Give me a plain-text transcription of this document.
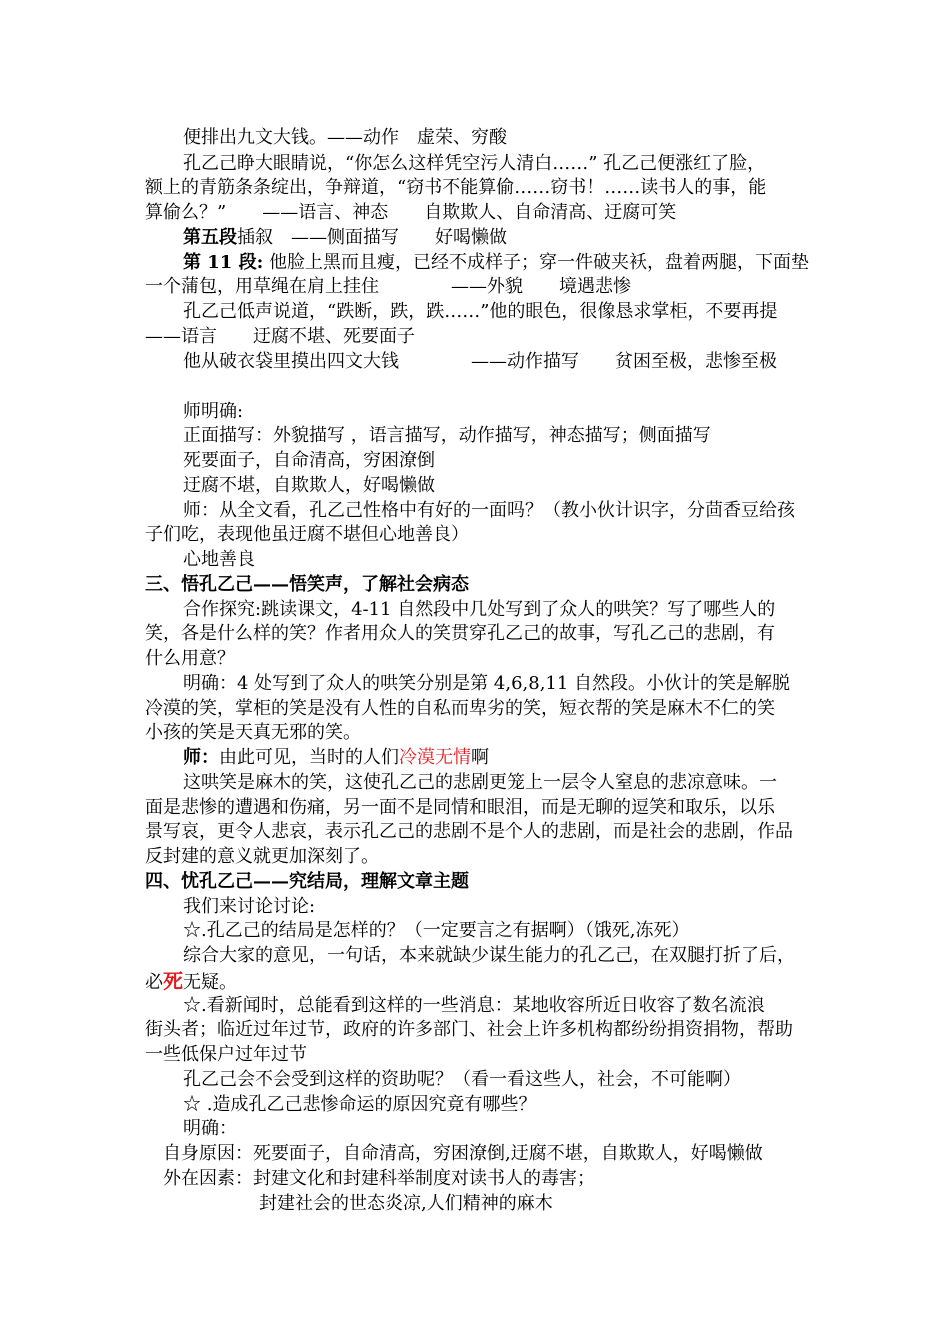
便排出九文大钱。——动作　虚荣、穷酸
孔乙己睁大眼睛说，“你怎么这样凭空污人清白……” 孔乙己便涨红了脸，
额上的青筋条条绽出，争辩道，“窃书不能算偷……窃书！……读书人的事，能
算偷么？”　　——语言、神态　　自欺欺人、自命清高、迂腐可笑
第五段插叙　——侧面描写　　好喝懒做
第 11 段: 他脸上黑而且瘦，已经不成样子；穿一件破夹袄，盘着两腿，下面垫
一个蒲包，用草绳在肩上挂住　　　　——外貌　　境遇悲惨
孔乙己低声说道，“跌断，跌，跌……”他的眼色，很像恳求掌柜，不要再提
——语言　　迂腐不堪、死要面子
他从破衣袋里摸出四文大钱　　　　——动作描写　　贫困至极，悲惨至极
师明确:
正面描写：外貌描写 ，语言描写，动作描写，神态描写；侧面描写
死要面子，自命清高，穷困潦倒
迂腐不堪，自欺欺人，好喝懒做
师：从全文看，孔乙己性格中有好的一面吗？（教小伙计识字，分茴香豆给孩
子们吃，表现他虽迂腐不堪但心地善良）
心地善良
三、悟孔乙己——悟笑声，了解社会病态
合作探究:跳读课文，4-11 自然段中几处写到了众人的哄笑？写了哪些人的
笑，各是什么样的笑？作者用众人的笑贯穿孔乙己的故事，写孔乙己的悲剧，有
什么用意？
明确：4 处写到了众人的哄笑分别是第 4,6,8,11 自然段。小伙计的笑是解脱
冷漠的笑，掌柜的笑是没有人性的自私而卑劣的笑，短衣帮的笑是麻木不仁的笑
小孩的笑是天真无邪的笑。
师：由此可见，当时的人们冷漠无情啊
这哄笑是麻木的笑，这使孔乙己的悲剧更笼上一层令人窒息的悲凉意味。一
面是悲惨的遭遇和伤痛，另一面不是同情和眼泪，而是无聊的逗笑和取乐，以乐
景写哀，更令人悲哀，表示孔乙己的悲剧不是个人的悲剧，而是社会的悲剧，作品
反封建的意义就更加深刻了。
四、忧孔乙己——究结局，理解文章主题
我们来讨论讨论:
☆.孔乙己的结局是怎样的？（一定要言之有据啊）（饿死,冻死）
综合大家的意见，一句话，本来就缺少谋生能力的孔乙己，在双腿打折了后，
必死无疑。
☆.看新闻时，总能看到这样的一些消息：某地收容所近日收容了数名流浪
街头者；临近过年过节，政府的许多部门、社会上许多机构都纷纷捐资捐物，帮助
一些低保户过年过节
孔乙己会不会受到这样的资助呢？（看一看这些人，社会，不可能啊）
☆ .造成孔乙己悲惨命运的原因究竟有哪些？
明确：
自身原因：死要面子，自命清高，穷困潦倒,迂腐不堪，自欺欺人，好喝懒做
外在因素：封建文化和封建科举制度对读书人的毒害；
封建社会的世态炎凉,人们精神的麻木
